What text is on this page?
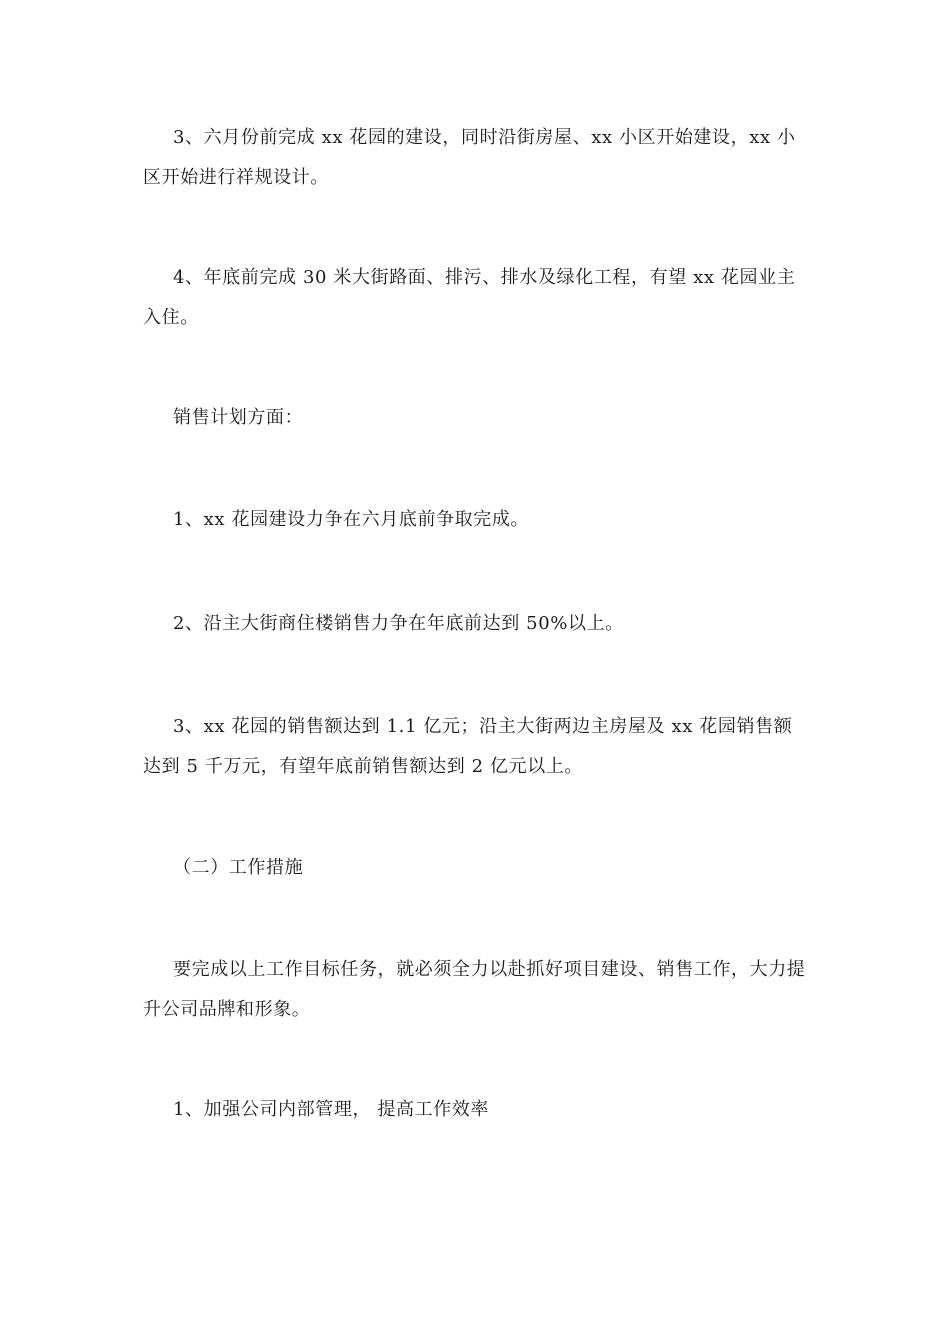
3、六月份前完成 xx 花园的建设，同时沿街房屋、xx 小区开始建设，xx 小区开始进行祥规设计。

4、年底前完成 30 米大街路面、排污、排水及绿化工程，有望 xx 花园业主入住。

销售计划方面：

1、xx 花园建设力争在六月底前争取完成。

2、沿主大街商住楼销售力争在年底前达到 50%以上。

3、xx 花园的销售额达到 1.1 亿元；沿主大街两边主房屋及 xx 花园销售额达到 5 千万元，有望年底前销售额达到 2 亿元以上。

（二）工作措施

要完成以上工作目标任务，就必须全力以赴抓好项目建设、销售工作，大力提升公司品牌和形象。

1、加强公司内部管理， 提高工作效率
